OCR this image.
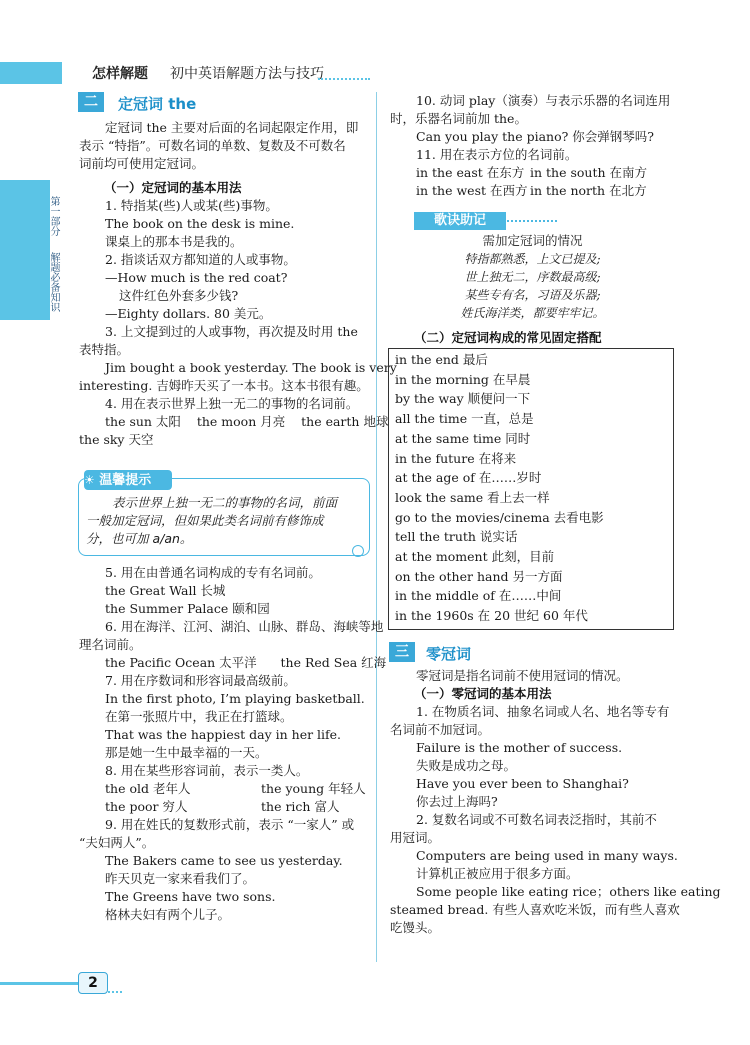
怎样解题 初中英语解题方法与技巧
第一部分
解题必备知识
二	定冠词 the
定冠词 the 主要对后面的名词起限定作用，即
表示 “特指”。可数名词的单数、复数及不可数名
词前均可使用定冠词。
（一）定冠词的基本用法
1. 特指某(些)人或某(些)事物。
The book on the desk is mine.
课桌上的那本书是我的。
2. 指谈话双方都知道的人或事物。
—How much is the red coat?
这件红色外套多少钱?
—Eighty dollars. 80 美元。
3. 上文提到过的人或事物，再次提及时用 the
表特指。
Jim bought a book yesterday. The book is very
interesting. 吉姆昨天买了一本书。这本书很有趣。
4. 用在表示世界上独一无二的事物的名词前。
the sun 太阳 the moon 月亮 the earth 地球
the sky 天空
☀ 温馨提示
表示世界上独一无二的事物的名词，前面
一般加定冠词，但如果此类名词前有修饰成
分，也可加 a/an。
5. 用在由普通名词构成的专有名词前。
the Great Wall 长城
the Summer Palace 颐和园
6. 用在海洋、江河、湖泊、山脉、群岛、海峡等地
理名词前。
the Pacific Ocean 太平洋 the Red Sea 红海
7. 用在序数词和形容词最高级前。
In the first photo, I’m playing basketball.
在第一张照片中，我正在打篮球。
That was the happiest day in her life.
那是她一生中最幸福的一天。
8. 用在某些形容词前，表示一类人。
the old 老年人	the young 年轻人
the poor 穷人	the rich 富人
9. 用在姓氏的复数形式前，表示 “一家人” 或
“夫妇两人”。
The Bakers came to see us yesterday.
昨天贝克一家来看我们了。
The Greens have two sons.
格林夫妇有两个儿子。
10. 动词 play（演奏）与表示乐器的名词连用
时，乐器名词前加 the。
Can you play the piano? 你会弹钢琴吗?
11. 用在表示方位的名词前。
in the east 在东方 in the south 在南方
in the west 在西方 in the north 在北方
歌诀助记
需加定冠词的情况
特指都熟悉，上文已提及;
世上独无二，序数最高级;
某些专有名，习语及乐器;
姓氏海洋类，都要牢牢记。
（二）定冠词构成的常见固定搭配
in the end 最后
in the morning 在早晨
by the way 顺便问一下
all the time 一直，总是
at the same time 同时
in the future 在将来
at the age of 在……岁时
look the same 看上去一样
go to the movies/cinema 去看电影
tell the truth 说实话
at the moment 此刻，目前
on the other hand 另一方面
in the middle of 在……中间
in the 1960s 在 20 世纪 60 年代
三	零冠词
零冠词是指名词前不使用冠词的情况。
（一）零冠词的基本用法
1. 在物质名词、抽象名词或人名、地名等专有
名词前不加冠词。
Failure is the mother of success.
失败是成功之母。
Have you ever been to Shanghai?
你去过上海吗?
2. 复数名词或不可数名词表泛指时，其前不
用冠词。
Computers are being used in many ways.
计算机正被应用于很多方面。
Some people like eating rice；others like eating
steamed bread. 有些人喜欢吃米饭，而有些人喜欢
吃馒头。
2
